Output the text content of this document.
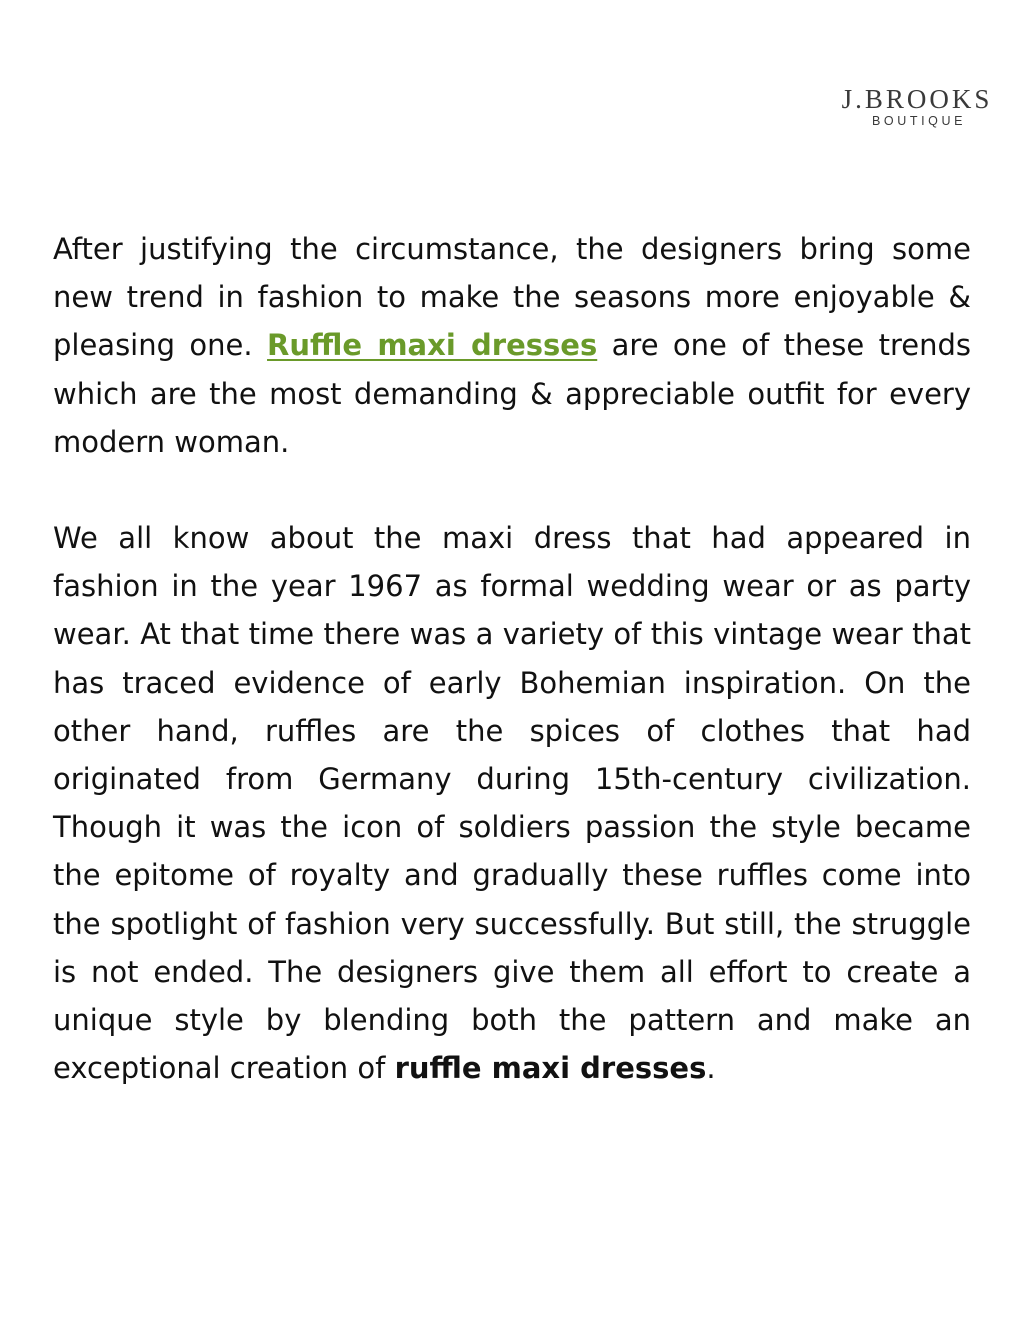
J.BROOKS
BOUTIQUE

After justifying the circumstance, the designers bring some new trend in fashion to make the seasons more enjoyable & pleasing one. Ruffle maxi dresses are one of these trends which are the most demanding & appreciable outfit for every modern woman.

We all know about the maxi dress that had appeared in fashion in the year 1967 as formal wedding wear or as party wear. At that time there was a variety of this vintage wear that has traced evidence of early Bohemian inspiration. On the other hand, ruffles are the spices of clothes that had originated from Germany during 15th-century civilization. Though it was the icon of soldiers passion the style became the epitome of royalty and gradually these ruffles come into the spotlight of fashion very successfully. But still, the struggle is not ended. The designers give them all effort to create a unique style by blending both the pattern and make an exceptional creation of ruffle maxi dresses.
